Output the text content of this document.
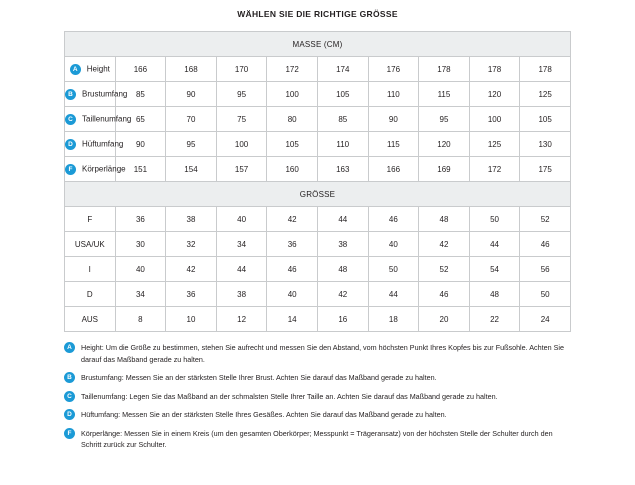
WÄHLEN SIE DIE RICHTIGE GRÖSSE
MASSE (CM)									
A Height	166	168	170	172	174	176	178	178	178
B Brustumfang	85	90	95	100	105	110	115	120	125
C Taillenumfang	65	70	75	80	85	90	95	100	105
D Hüftumfang	90	95	100	105	110	115	120	125	130
F Körperlänge	151	154	157	160	163	166	169	172	175
GRÖSSE									
F	36	38	40	42	44	46	48	50	52
USA/UK	30	32	34	36	38	40	42	44	46
I	40	42	44	46	48	50	52	54	56
D	34	36	38	40	42	44	46	48	50
AUS	8	10	12	14	16	18	20	22	24
A	Height: Um die Größe zu bestimmen, stehen Sie aufrecht und messen Sie den Abstand, vom höchsten Punkt Ihres Kopfes bis zur Fußsohle. Achten Sie darauf das Maßband gerade zu halten.
B	Brustumfang: Messen Sie an der stärksten Stelle Ihrer Brust. Achten Sie darauf das Maßband gerade zu halten.
C	Taillenumfang: Legen Sie das Maßband an der schmalsten Stelle Ihrer Taille an. Achten Sie darauf das Maßband gerade zu halten.
D	Hüftumfang: Messen Sie an der stärksten Stelle Ihres Gesäßes. Achten Sie darauf das Maßband gerade zu halten.
F	Körperlänge: Messen Sie in einem Kreis (um den gesamten Oberkörper; Messpunkt = Trägeransatz) von der höchsten Stelle der Schulter durch den Schritt zurück zur Schulter.
